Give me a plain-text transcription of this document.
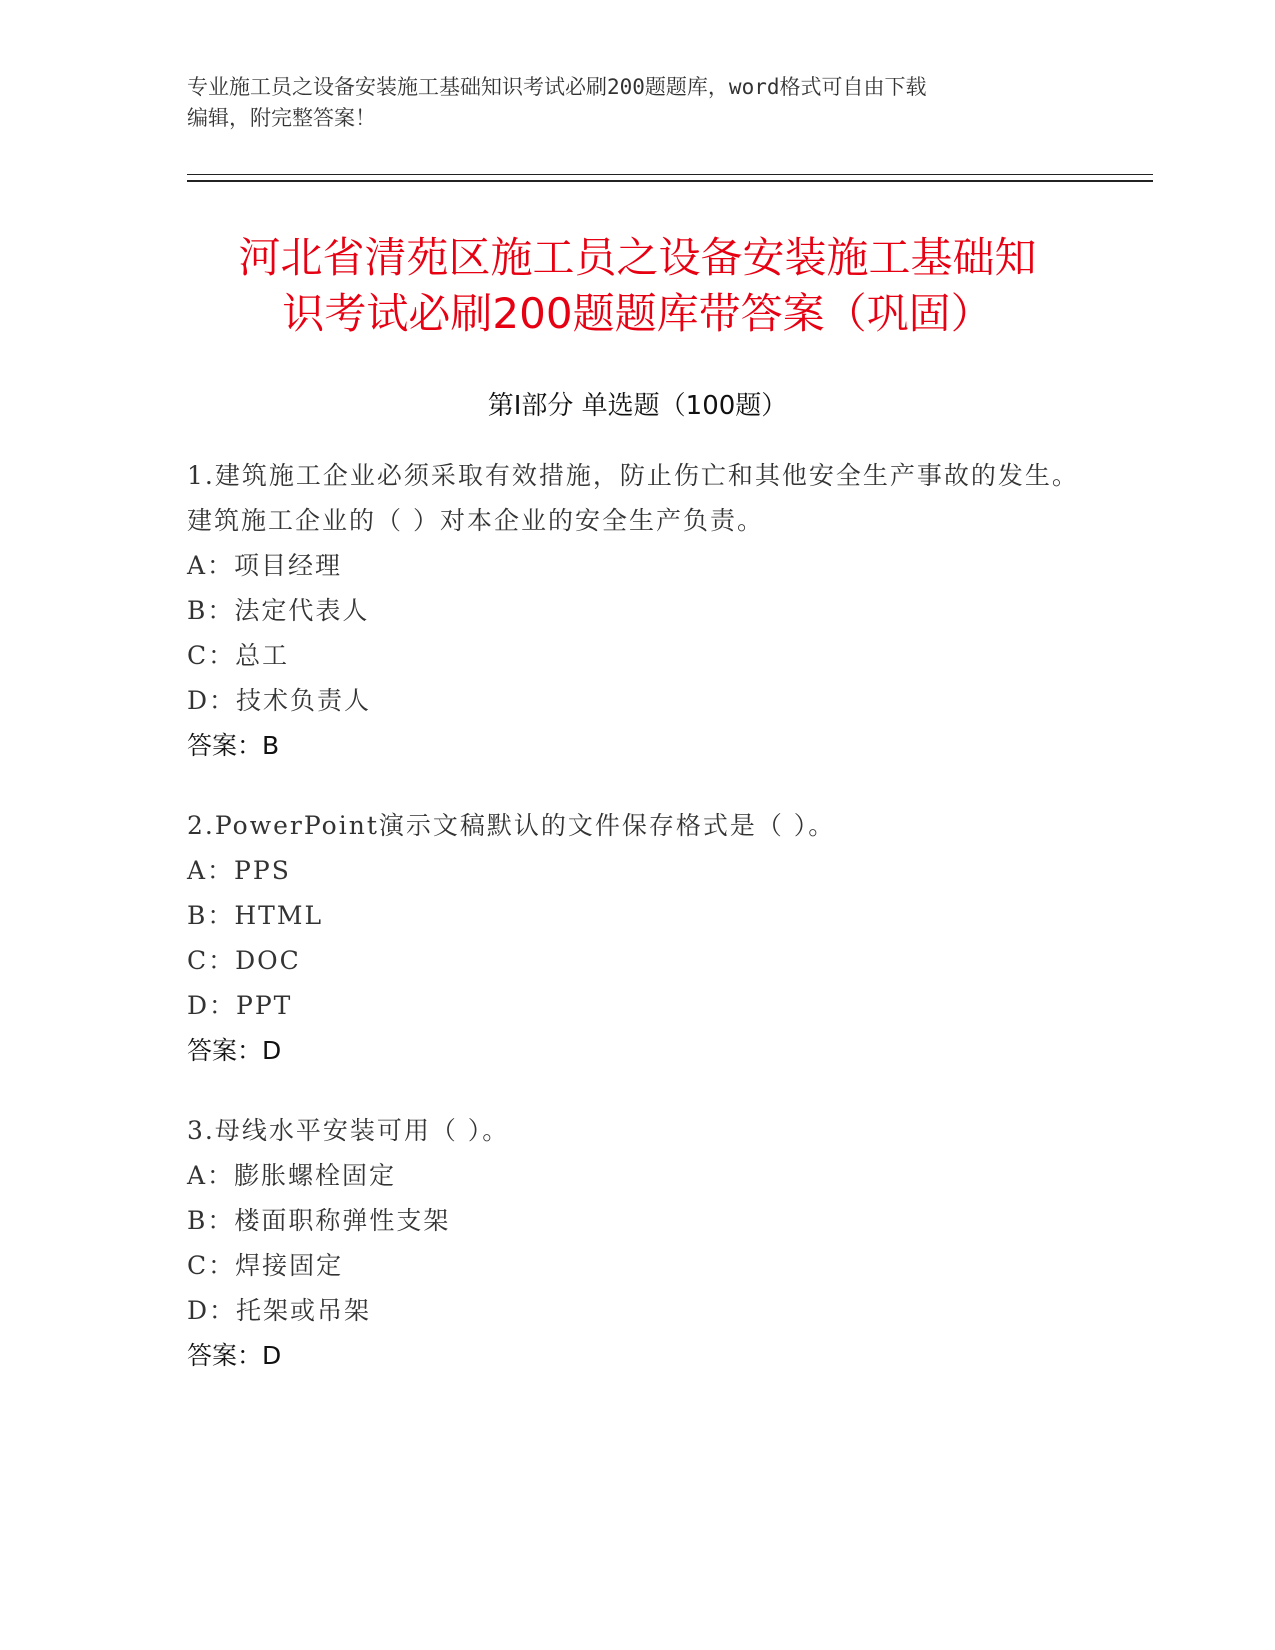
专业施工员之设备安装施工基础知识考试必刷200题题库，word格式可自由下载
编辑，附完整答案！
河北省清苑区施工员之设备安装施工基础知
识考试必刷200题题库带答案（巩固）
第I部分 单选题（100题）
1.建筑施工企业必须采取有效措施，防止伤亡和其他安全生产事故的发生。建筑施工企业的（ ）对本企业的安全生产负责。
A：项目经理
B：法定代表人
C：总工
D：技术负责人
答案：B
2.PowerPoint演示文稿默认的文件保存格式是（ ）。
A：PPS
B：HTML
C：DOC
D：PPT
答案：D
3.母线水平安装可用（ ）。
A：膨胀螺栓固定
B：楼面职称弹性支架
C：焊接固定
D：托架或吊架
答案：D
